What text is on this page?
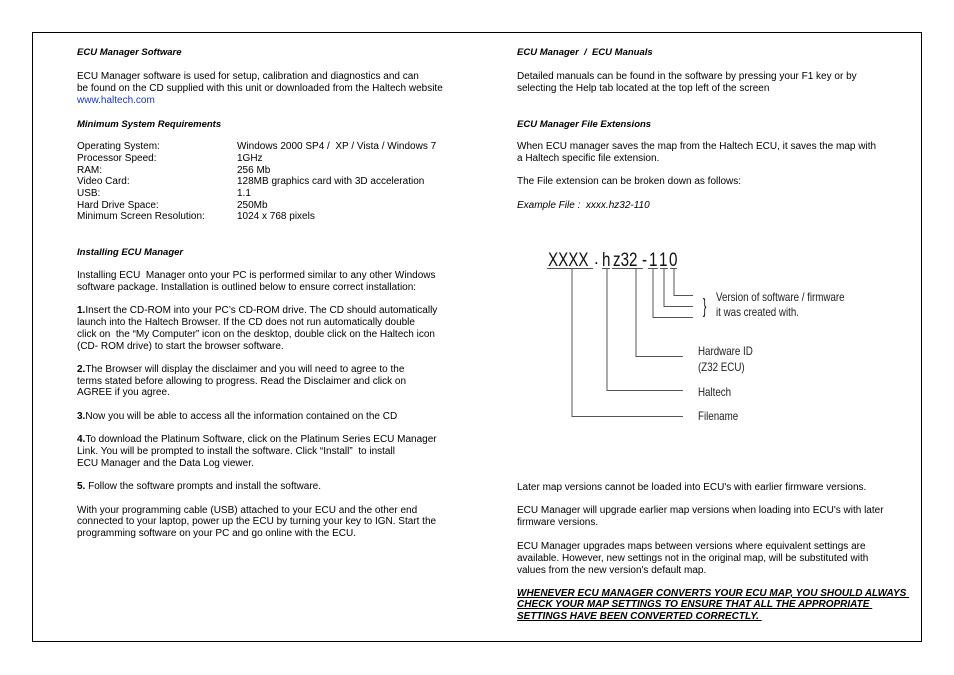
ECU Manager Software
ECU Manager software is used for setup, calibration and diagnostics and can
be found on the CD supplied with this unit or downloaded from the Haltech website
www.haltech.com
Minimum System Requirements
Operating System:	Windows 2000 SP4 /  XP / Vista / Windows 7
Processor Speed:	1GHz
RAM:	256 Mb
Video Card:	128MB graphics card with 3D acceleration
USB:	1.1
Hard Drive Space:	250Mb
Minimum Screen Resolution:	1024 x 768 pixels
Installing ECU Manager
Installing ECU  Manager onto your PC is performed similar to any other Windows
software package. Installation is outlined below to ensure correct installation:
1.Insert the CD-ROM into your PC’s CD-ROM drive. The CD should automatically
launch into the Haltech Browser. If the CD does not run automatically double
click on  the “My Computer” icon on the desktop, double click on the Haltech icon
(CD- ROM drive) to start the browser software.
2.The Browser will display the disclaimer and you will need to agree to the
terms stated before allowing to progress. Read the Disclaimer and click on
AGREE if you agree.
3.Now you will be able to access all the information contained on the CD
4.To download the Platinum Software, click on the Platinum Series ECU Manager
Link. You will be prompted to install the software. Click “Install”  to install
ECU Manager and the Data Log viewer.
5. Follow the software prompts and install the software.
With your programming cable (USB) attached to your ECU and the other end
connected to your laptop, power up the ECU by turning your key to IGN. Start the
programming software on your PC and go online with the ECU.
ECU Manager  /  ECU Manuals
Detailed manuals can be found in the software by pressing your F1 key or by
selecting the Help tab located at the top left of the screen
ECU Manager File Extensions
When ECU manager saves the map from the Haltech ECU, it saves the map with
a Haltech specific file extension.
The File extension can be broken down as follows:
Example File :  xxxx.hz32-110
XXXX . h z32 - 1 1 0
} Version of software / firmware
it was created with.
Hardware ID
(Z32 ECU)
Haltech
Filename
Later map versions cannot be loaded into ECU's with earlier firmware versions.
ECU Manager will upgrade earlier map versions when loading into ECU's with later
firmware versions.
ECU Manager upgrades maps between versions where equivalent settings are
available. However, new settings not in the original map, will be substituted with
values from the new version's default map.
WHENEVER ECU MANAGER CONVERTS YOUR ECU MAP, YOU SHOULD ALWAYS
CHECK YOUR MAP SETTINGS TO ENSURE THAT ALL THE APPROPRIATE
SETTINGS HAVE BEEN CONVERTED CORRECTLY.
